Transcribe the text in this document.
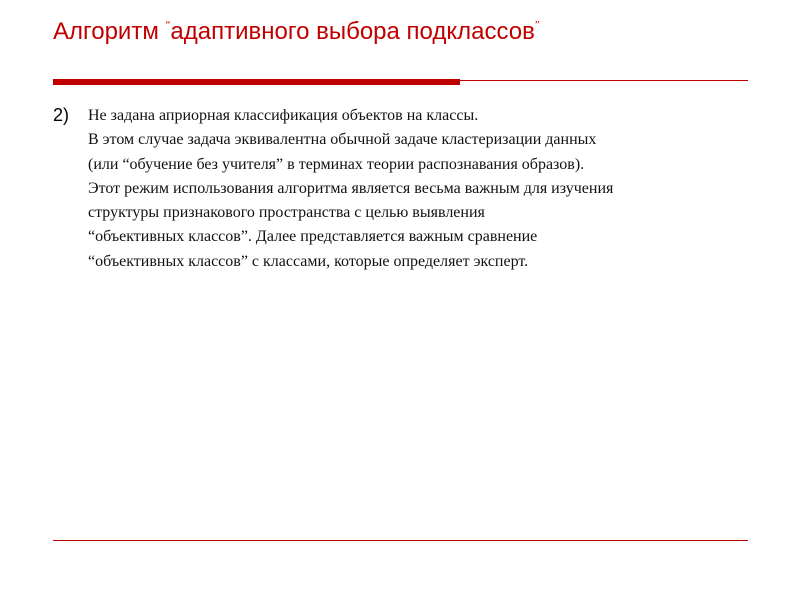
Алгоритм “адаптивного выбора подклассов”
2) Не задана априорная классификация объектов на классы.
В этом случае задача эквивалентна обычной задаче кластеризации данных
(или “обучение без учителя” в терминах теории распознавания образов).
Этот режим использования алгоритма является весьма важным для изучения
структуры признакового пространства с целью выявления
“объективных классов”. Далее представляется важным сравнение
“объективных классов” с классами, которые определяет эксперт.
